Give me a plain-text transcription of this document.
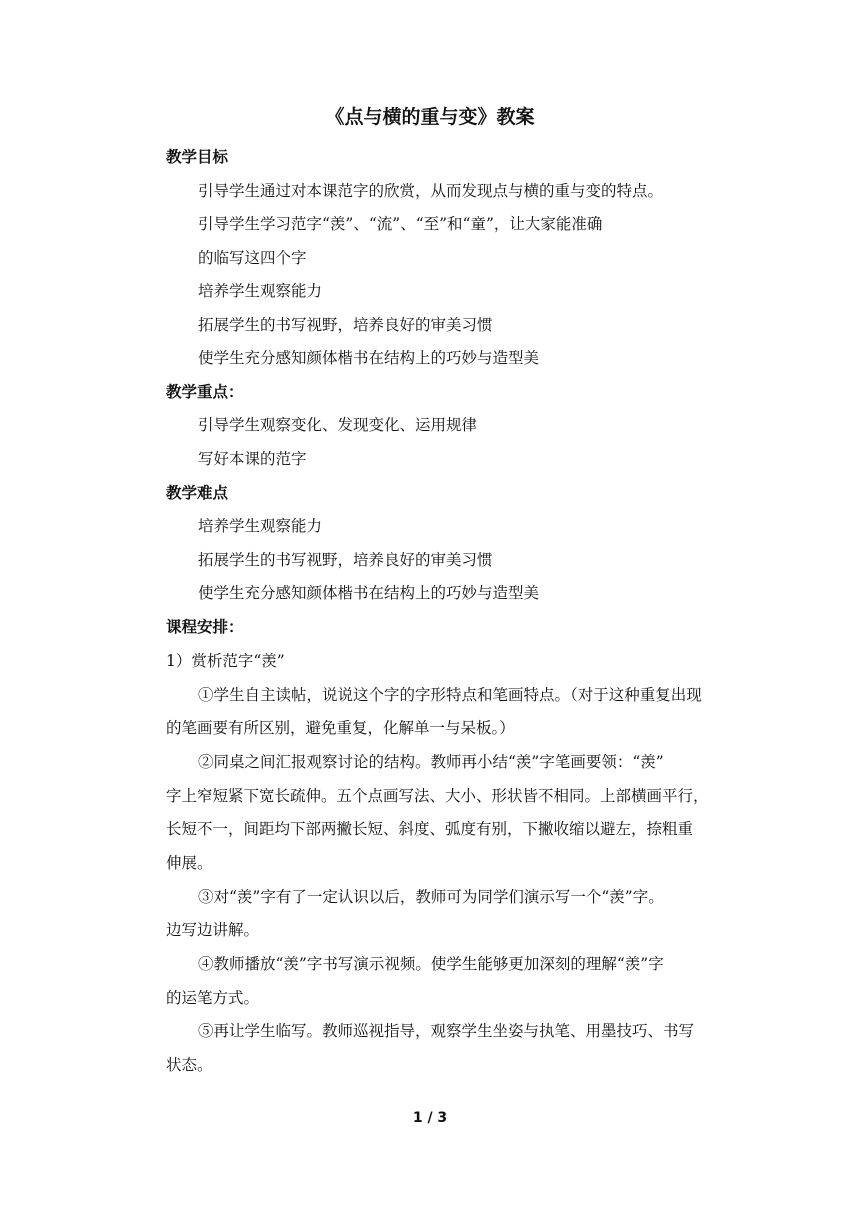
《点与横的重与变》教案
教学目标
引导学生通过对本课范字的欣赏，从而发现点与横的重与变的特点。
引导学生学习范字“羡”、“流”、“至”和“童”，让大家能准确
的临写这四个字
培养学生观察能力
拓展学生的书写视野，培养良好的审美习惯
使学生充分感知颜体楷书在结构上的巧妙与造型美
教学重点：
引导学生观察变化、发现变化、运用规律
写好本课的范字
教学难点
培养学生观察能力
拓展学生的书写视野，培养良好的审美习惯
使学生充分感知颜体楷书在结构上的巧妙与造型美
课程安排：
1）赏析范字“羡”
①学生自主读帖，说说这个字的字形特点和笔画特点。（对于这种重复出现
的笔画要有所区别，避免重复，化解单一与呆板。）
②同桌之间汇报观察讨论的结构。教师再小结“羡”字笔画要领：“羡”
字上窄短紧下宽长疏伸。五个点画写法、大小、形状皆不相同。上部横画平行，
长短不一，间距均下部两撇长短、斜度、弧度有别，下撇收缩以避左，捺粗重
伸展。
③对“羡”字有了一定认识以后，教师可为同学们演示写一个“羡”字。
边写边讲解。
④教师播放“羡”字书写演示视频。使学生能够更加深刻的理解“羡”字
的运笔方式。
⑤再让学生临写。教师巡视指导，观察学生坐姿与执笔、用墨技巧、书写
状态。
1 / 3
